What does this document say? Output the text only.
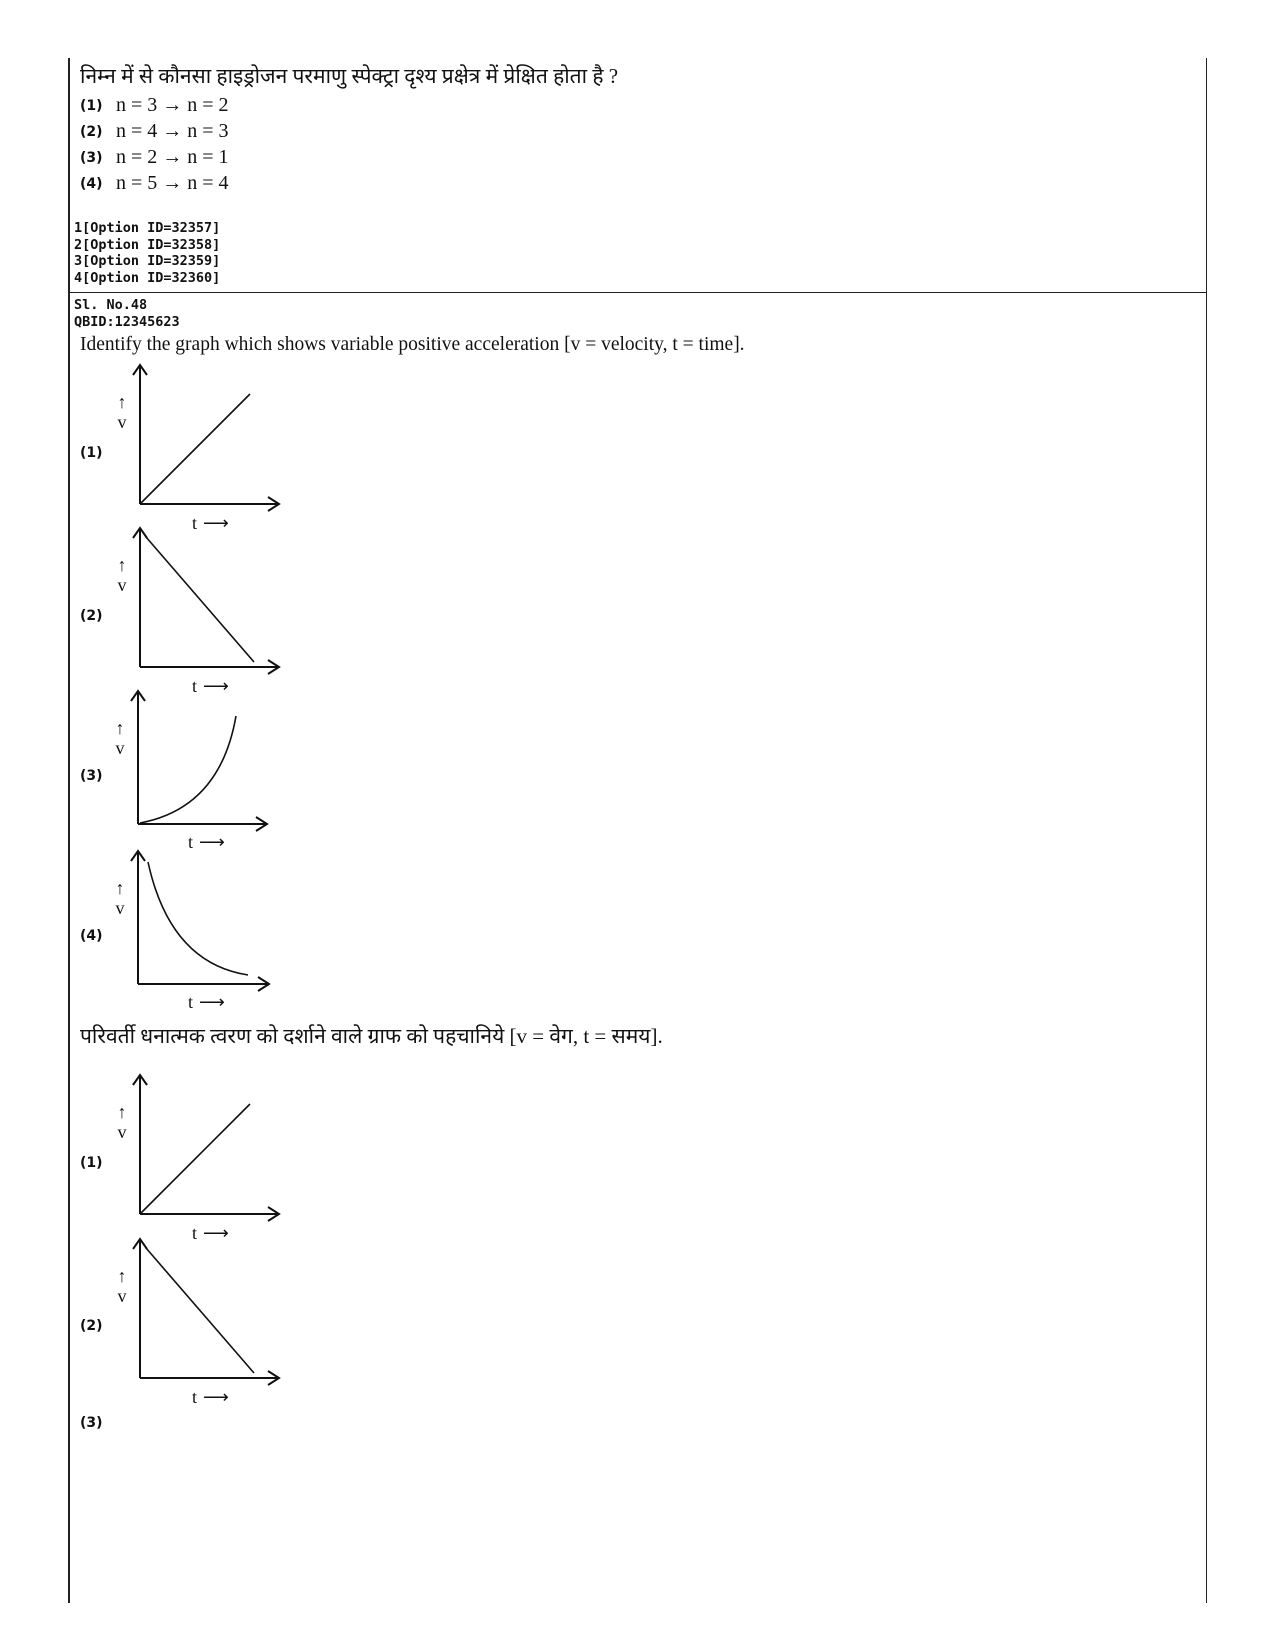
निम्न में से कौनसा हाइड्रोजन परमाणु स्पेक्ट्रा दृश्य प्रक्षेत्र में प्रेक्षित होता है ?
(1) n = 3 → n = 2
(2) n = 4 → n = 3
(3) n = 2 → n = 1
(4) n = 5 → n = 4
1[Option ID=32357]
2[Option ID=32358]
3[Option ID=32359]
4[Option ID=32360]
Sl. No.48
QBID:12345623
Identify the graph which shows variable positive acceleration [v = velocity, t = time].
(1)
↑
v
t ⟶
(2)
↑
v
t ⟶
(3)
↑
v
t ⟶
(4)
↑
v
t ⟶
परिवर्ती धनात्मक त्वरण को दर्शाने वाले ग्राफ को पहचानिये [v = वेग, t = समय].
(1)
↑
v
t ⟶
(2)
↑
v
t ⟶
(3)
